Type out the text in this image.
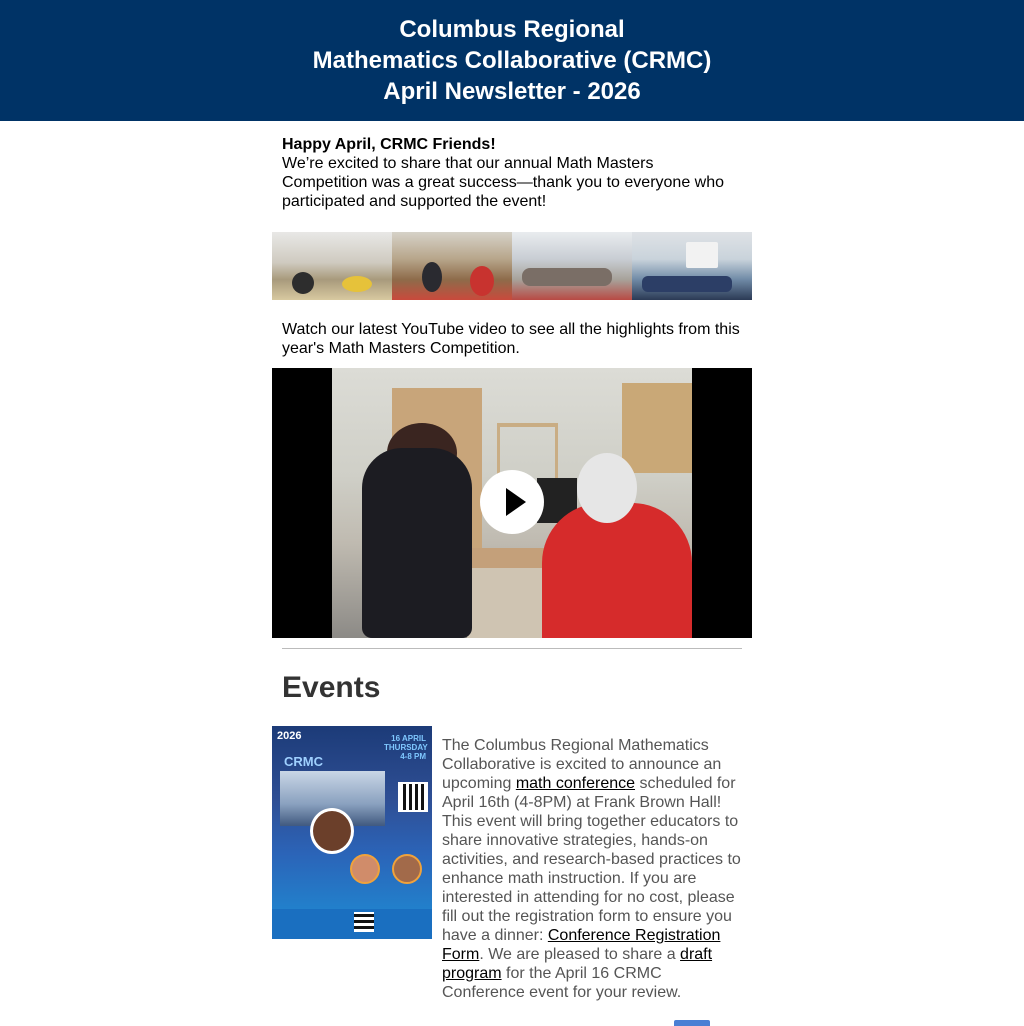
Columbus Regional
Mathematics Collaborative (CRMC)
April Newsletter - 2026
Happy April, CRMC Friends!
We’re excited to share that our annual Math Masters Competition was a great success—thank you to everyone who participated and supported the event!
Watch our latest YouTube video to see all the highlights from this year's Math Masters Competition.
Events
2026
CRMC
16 APRIL THURSDAY 4-8 PM
The Columbus Regional Mathematics Collaborative is excited to announce an upcoming math conference scheduled for April 16th (4-8PM) at Frank Brown Hall! This event will bring together educators to share innovative strategies, hands-on activities, and research-based practices to enhance math instruction. If you are interested in attending for no cost, please fill out the registration form to ensure you have a dinner: Conference Registration Form. We are pleased to share a draft program for the April 16 CRMC Conference event for your review.
